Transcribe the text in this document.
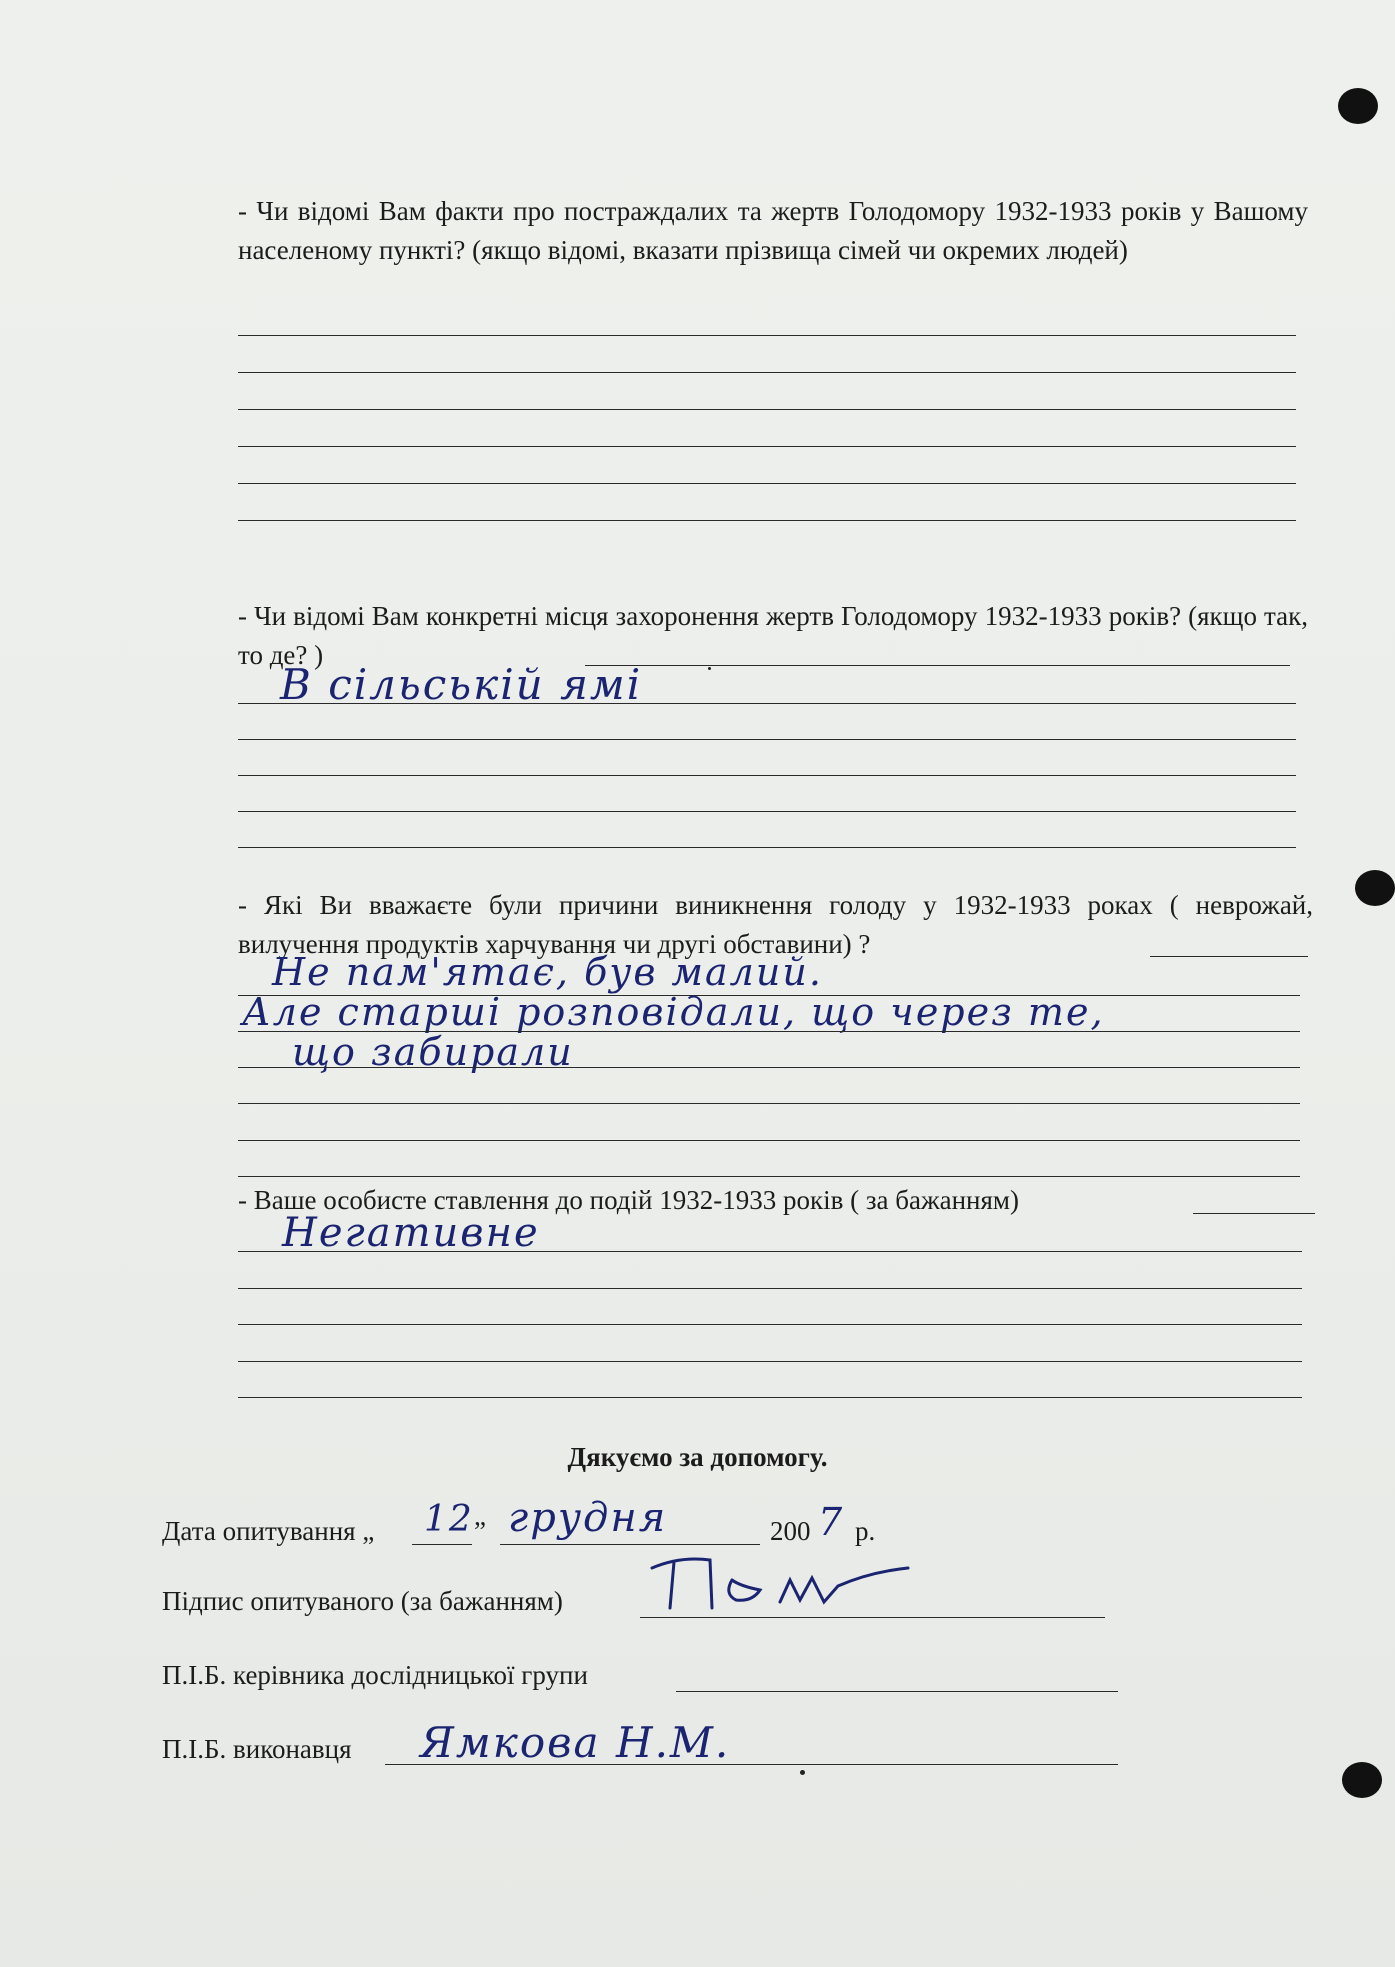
- Чи відомі Вам факти про постраждалих та жертв Голодомору 1932-1933 років у Вашому населеному пункті? (якщо відомі, вказати прізвища сімей чи окремих людей)
- Чи відомі Вам конкретні місця захоронення жертв Голодомору 1932-1933 років? (якщо так, то де? )
В сільській ямі
- Які Ви вважаєте були причини виникнення голоду у 1932-1933 роках ( неврожай, вилучення продуктів харчування чи другі обставини) ?
Не пам'ятає, був малий.
Але старші розповідали, що через те,
що забирали
- Ваше особисте ставлення до подій 1932-1933 років ( за бажанням)
Негативне
Дякуємо за допомогу.
Дата опитування „ 12 ” грудня	200 7 р.
Підпис опитуваного (за бажанням)
П.І.Б. керівника дослідницької групи
П.І.Б. виконавця Ямкова Н.М.
